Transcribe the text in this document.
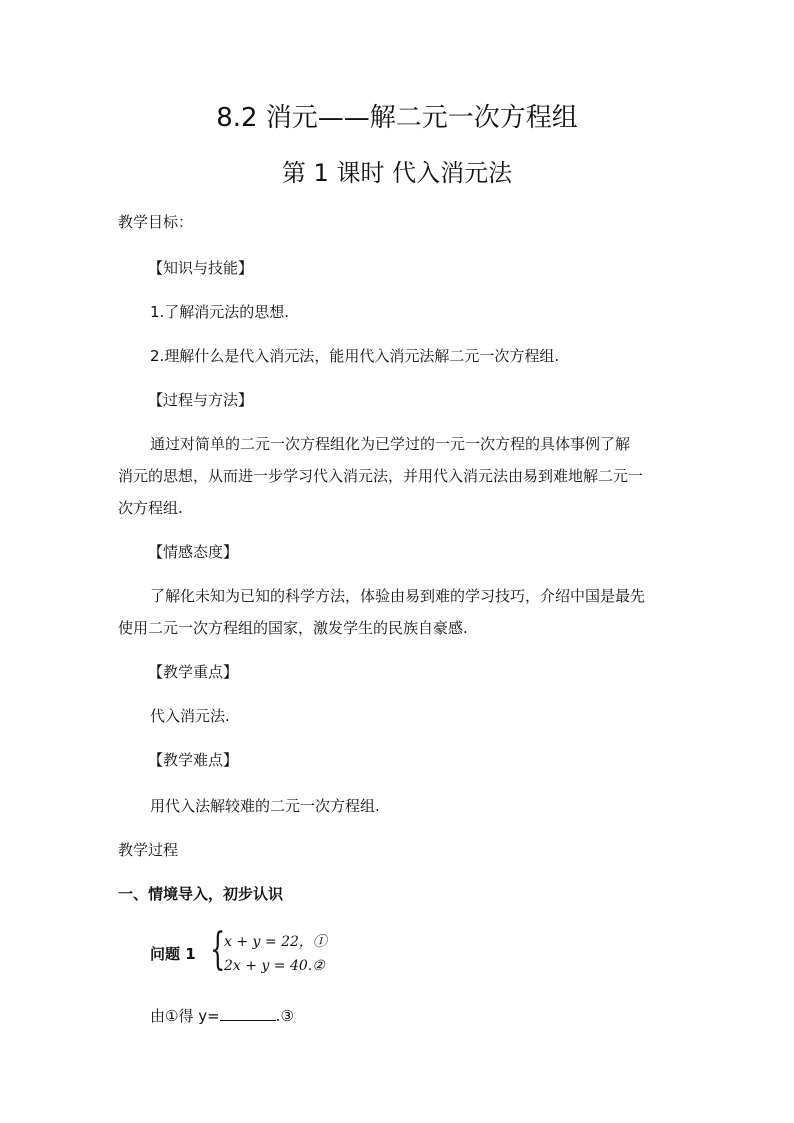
8.2 消元——解二元一次方程组
第 1 课时 代入消元法
教学目标：
【知识与技能】
1.了解消元法的思想.
2.理解什么是代入消元法，能用代入消元法解二元一次方程组.
【过程与方法】
通过对简单的二元一次方程组化为已学过的一元一次方程的具体事例了解
消元的思想，从而进一步学习代入消元法，并用代入消元法由易到难地解二元一
次方程组.
【情感态度】
了解化未知为已知的科学方法，体验由易到难的学习技巧，介绍中国是最先
使用二元一次方程组的国家，激发学生的民族自豪感.
【教学重点】
代入消元法.
【教学难点】
用代入法解较难的二元一次方程组.
教学过程
一、情境导入，初步认识
问题 1 {
x + y = 22，①
2x + y = 40.②
由①得 y=	.③
